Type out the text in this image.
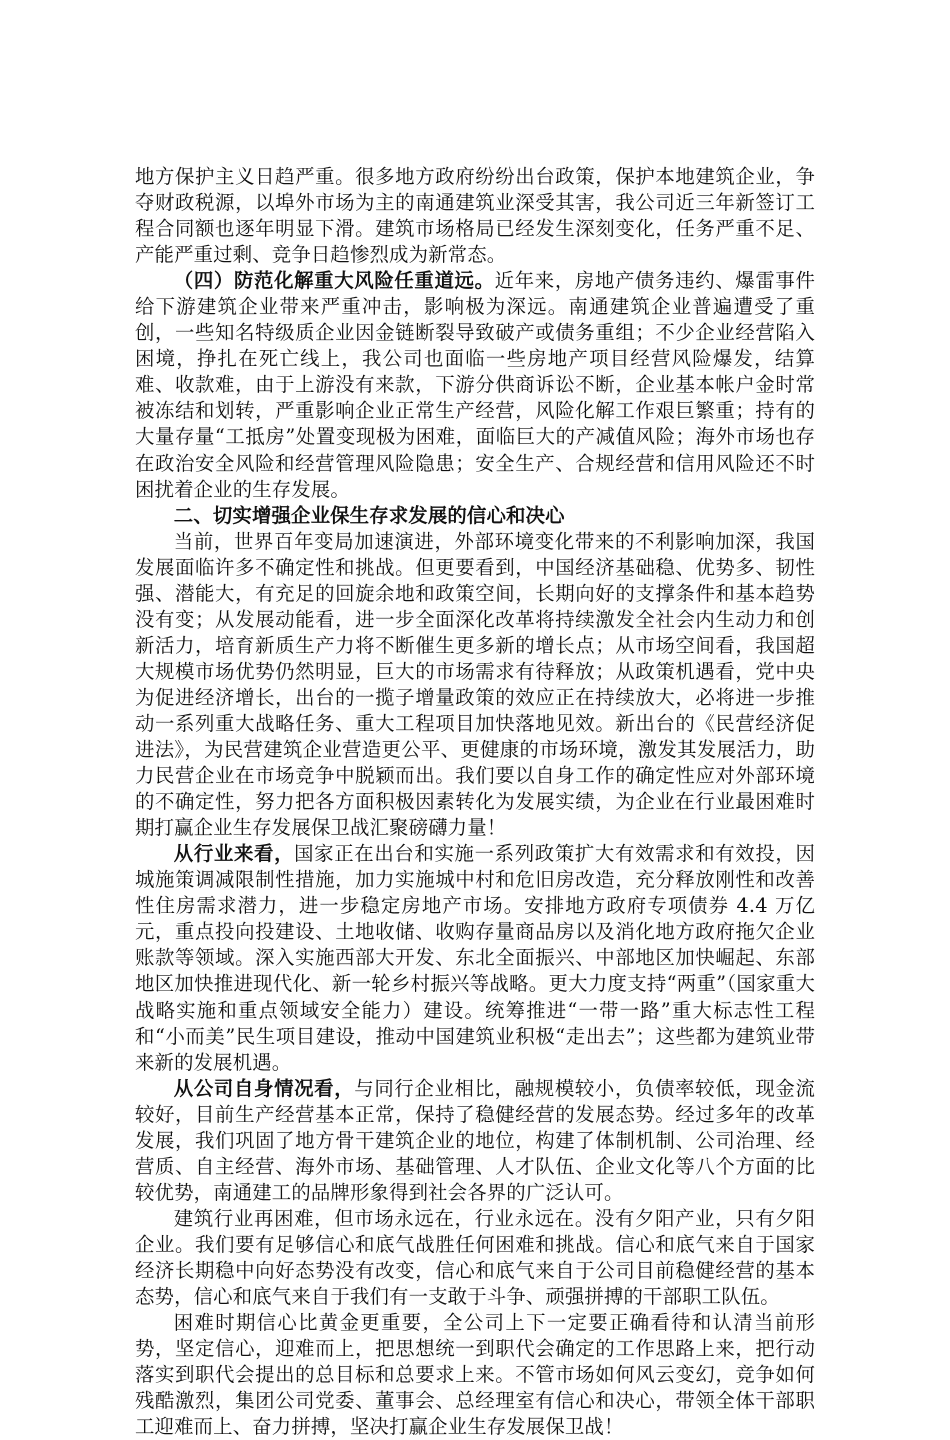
地方保护主义日趋严重。很多地方政府纷纷出台政策，保护本地建筑企业，争夺财政税源，以埠外市场为主的南通建筑业深受其害，我公司近三年新签订工程合同额也逐年明显下滑。建筑市场格局已经发生深刻变化，任务严重不足、产能严重过剩、竞争日趋惨烈成为新常态。

（四）防范化解重大风险任重道远。近年来，房地产债务违约、爆雷事件给下游建筑企业带来严重冲击，影响极为深远。南通建筑企业普遍遭受了重创，一些知名特级质企业因金链断裂导致破产或债务重组；不少企业经营陷入困境，挣扎在死亡线上，我公司也面临一些房地产项目经营风险爆发，结算难、收款难，由于上游没有来款，下游分供商诉讼不断，企业基本帐户金时常被冻结和划转，严重影响企业正常生产经营，风险化解工作艰巨繁重；持有的大量存量“工抵房”处置变现极为困难，面临巨大的产减值风险；海外市场也存在政治安全风险和经营管理风险隐患；安全生产、合规经营和信用风险还不时困扰着企业的生存发展。

二、切实增强企业保生存求发展的信心和决心

当前，世界百年变局加速演进，外部环境变化带来的不利影响加深，我国发展面临许多不确定性和挑战。但更要看到，中国经济基础稳、优势多、韧性强、潜能大，有充足的回旋余地和政策空间，长期向好的支撑条件和基本趋势没有变；从发展动能看，进一步全面深化改革将持续激发全社会内生动力和创新活力，培育新质生产力将不断催生更多新的增长点；从市场空间看，我国超大规模市场优势仍然明显，巨大的市场需求有待释放；从政策机遇看，党中央为促进经济增长，出台的一揽子增量政策的效应正在持续放大，必将进一步推动一系列重大战略任务、重大工程项目加快落地见效。新出台的《民营经济促进法》，为民营建筑企业营造更公平、更健康的市场环境，激发其发展活力，助力民营企业在市场竞争中脱颖而出。我们要以自身工作的确定性应对外部环境的不确定性，努力把各方面积极因素转化为发展实绩，为企业在行业最困难时期打赢企业生存发展保卫战汇聚磅礴力量！

从行业来看，国家正在出台和实施一系列政策扩大有效需求和有效投，因城施策调减限制性措施，加力实施城中村和危旧房改造，充分释放刚性和改善性住房需求潜力，进一步稳定房地产市场。安排地方政府专项债券 4.4 万亿元，重点投向投建设、土地收储、收购存量商品房以及消化地方政府拖欠企业账款等领域。深入实施西部大开发、东北全面振兴、中部地区加快崛起、东部地区加快推进现代化、新一轮乡村振兴等战略。更大力度支持“两重”（国家重大战略实施和重点领域安全能力）建设。统筹推进“一带一路”重大标志性工程和“小而美”民生项目建设，推动中国建筑业积极“走出去”；这些都为建筑业带来新的发展机遇。

从公司自身情况看，与同行企业相比，融规模较小，负债率较低，现金流较好，目前生产经营基本正常，保持了稳健经营的发展态势。经过多年的改革发展，我们巩固了地方骨干建筑企业的地位，构建了体制机制、公司治理、经营质、自主经营、海外市场、基础管理、人才队伍、企业文化等八个方面的比较优势，南通建工的品牌形象得到社会各界的广泛认可。

建筑行业再困难，但市场永远在，行业永远在。没有夕阳产业，只有夕阳企业。我们要有足够信心和底气战胜任何困难和挑战。信心和底气来自于国家经济长期稳中向好态势没有改变，信心和底气来自于公司目前稳健经营的基本态势，信心和底气来自于我们有一支敢于斗争、顽强拼搏的干部职工队伍。

困难时期信心比黄金更重要，全公司上下一定要正确看待和认清当前形势，坚定信心，迎难而上，把思想统一到职代会确定的工作思路上来，把行动落实到职代会提出的总目标和总要求上来。不管市场如何风云变幻，竞争如何残酷激烈，集团公司党委、董事会、总经理室有信心和决心，带领全体干部职工迎难而上、奋力拼搏，坚决打赢企业生存发展保卫战！
